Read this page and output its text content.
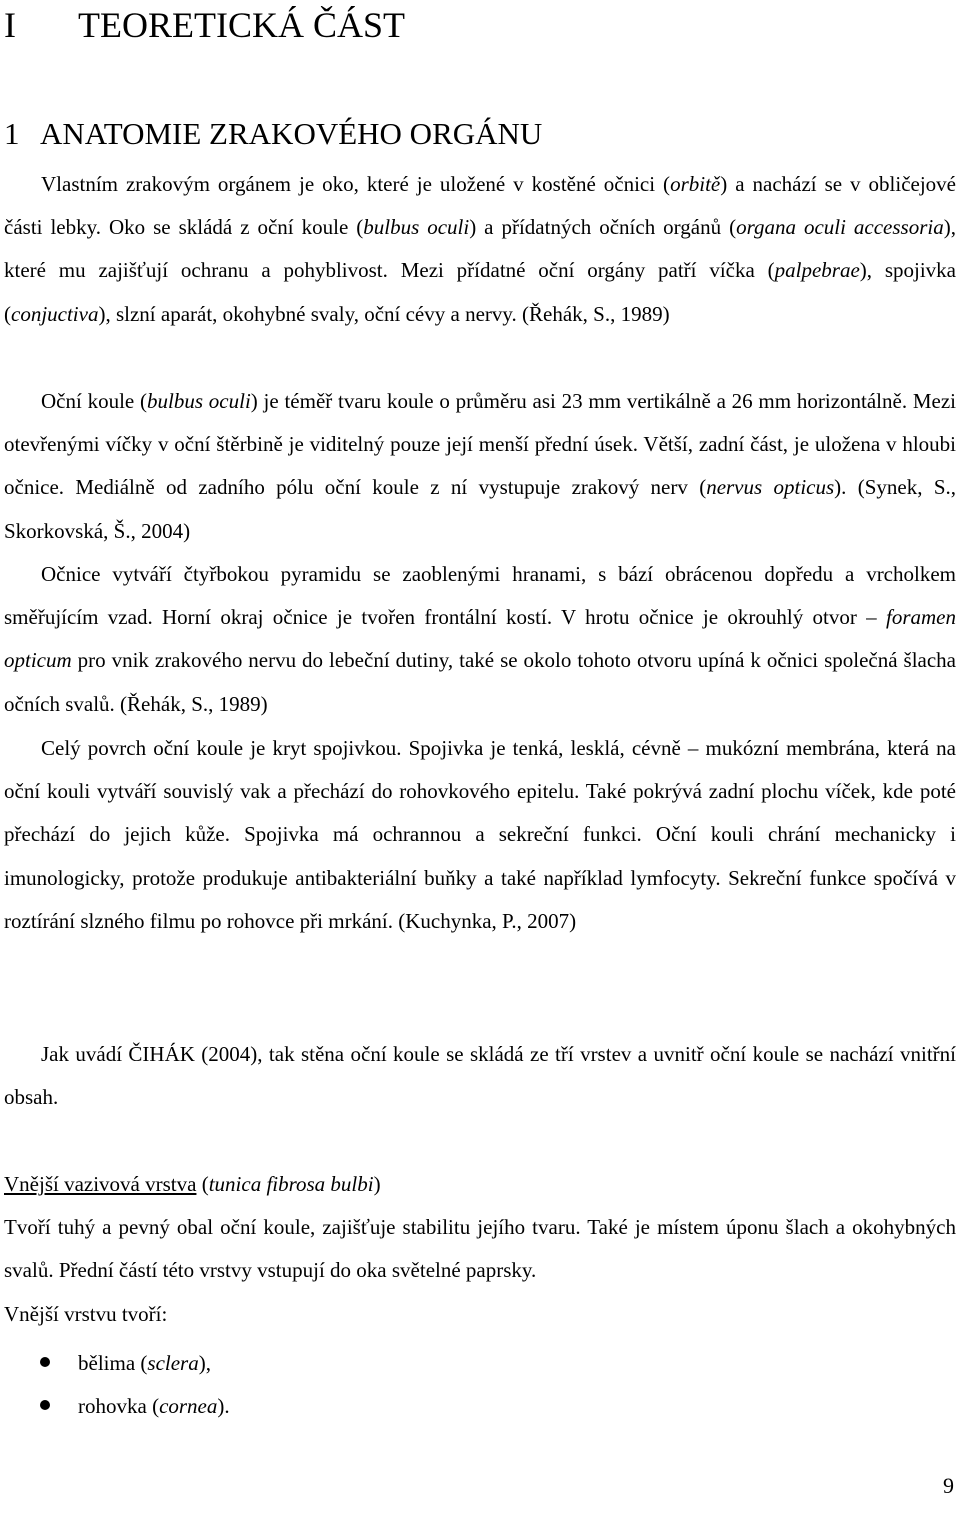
I TEORETICKÁ ČÁST
1 ANATOMIE ZRAKOVÉHO ORGÁNU

Vlastním zrakovým orgánem je oko, které je uložené v kostěné očnici (orbitě) a nachází se v obličejové části lebky. Oko se skládá z oční koule (bulbus oculi) a přídatných očních orgánů (organa oculi accessoria), které mu zajišťují ochranu a pohyblivost. Mezi přídatné oční orgány patří víčka (palpebrae), spojivka (conjuctiva), slzní aparát, okohybné svaly, oční cévy a nervy. (Řehák, S., 1989)

Oční koule (bulbus oculi) je téměř tvaru koule o průměru asi 23 mm vertikálně a 26 mm horizontálně. Mezi otevřenými víčky v oční štěrbině je viditelný pouze její menší přední úsek. Větší, zadní část, je uložena v hloubi očnice. Mediálně od zadního pólu oční koule z ní vystupuje zrakový nerv (nervus opticus). (Synek, S., Skorkovská, Š., 2004)

Očnice vytváří čtyřbokou pyramidu se zaoblenými hranami, s bází obrácenou dopředu a vrcholkem směřujícím vzad. Horní okraj očnice je tvořen frontální kostí. V hrotu očnice je okrouhlý otvor – foramen opticum pro vnik zrakového nervu do lebeční dutiny, také se okolo tohoto otvoru upíná k očnici společná šlacha očních svalů. (Řehák, S., 1989)

Celý povrch oční koule je kryt spojivkou. Spojivka je tenká, lesklá, cévně – mukózní membrána, která na oční kouli vytváří souvislý vak a přechází do rohovkového epitelu. Také pokrývá zadní plochu víček, kde poté přechází do jejich kůže. Spojivka má ochrannou a sekreční funkci. Oční kouli chrání mechanicky i imunologicky, protože produkuje antibakteriální buňky a také například lymfocyty. Sekreční funkce spočívá v roztírání slzného filmu po rohovce při mrkání. (Kuchynka, P., 2007)

Jak uvádí ČIHÁK (2004), tak stěna oční koule se skládá ze tří vrstev a uvnitř oční koule se nachází vnitřní obsah.

Vnější vazivová vrstva (tunica fibrosa bulbi)

Tvoří tuhý a pevný obal oční koule, zajišťuje stabilitu jejího tvaru. Také je místem úponu šlach a okohybných svalů. Přední částí této vrstvy vstupují do oka světelné paprsky.

Vnější vrstvu tvoří:

bělima (sclera),
rohovka (cornea).
9
